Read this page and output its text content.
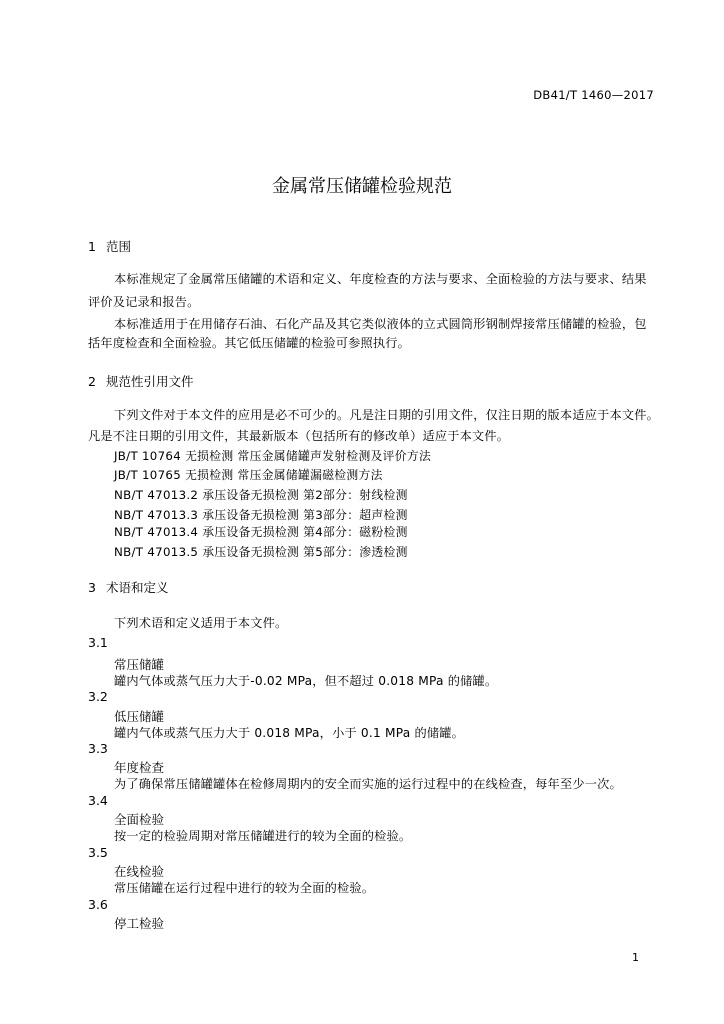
DB41/T 1460—2017
金属常压储罐检验规范
1 范围
本标准规定了金属常压储罐的术语和定义、年度检查的方法与要求、全面检验的方法与要求、结果
评价及记录和报告。
本标准适用于在用储存石油、石化产品及其它类似液体的立式圆筒形钢制焊接常压储罐的检验，包
括年度检查和全面检验。其它低压储罐的检验可参照执行。
2 规范性引用文件
下列文件对于本文件的应用是必不可少的。凡是注日期的引用文件，仅注日期的版本适应于本文件。
凡是不注日期的引用文件，其最新版本（包括所有的修改单）适应于本文件。
JB/T 10764 无损检测 常压金属储罐声发射检测及评价方法
JB/T 10765 无损检测 常压金属储罐漏磁检测方法
NB/T 47013.2 承压设备无损检测 第2部分：射线检测
NB/T 47013.3 承压设备无损检测 第3部分：超声检测
NB/T 47013.4 承压设备无损检测 第4部分：磁粉检测
NB/T 47013.5 承压设备无损检测 第5部分：渗透检测
3 术语和定义
下列术语和定义适用于本文件。
3.1
常压储罐
罐内气体或蒸气压力大于-0.02 MPa，但不超过 0.018 MPa 的储罐。
3.2
低压储罐
罐内气体或蒸气压力大于 0.018 MPa，小于 0.1 MPa 的储罐。
3.3
年度检查
为了确保常压储罐罐体在检修周期内的安全而实施的运行过程中的在线检查，每年至少一次。
3.4
全面检验
按一定的检验周期对常压储罐进行的较为全面的检验。
3.5
在线检验
常压储罐在运行过程中进行的较为全面的检验。
3.6
停工检验
1
